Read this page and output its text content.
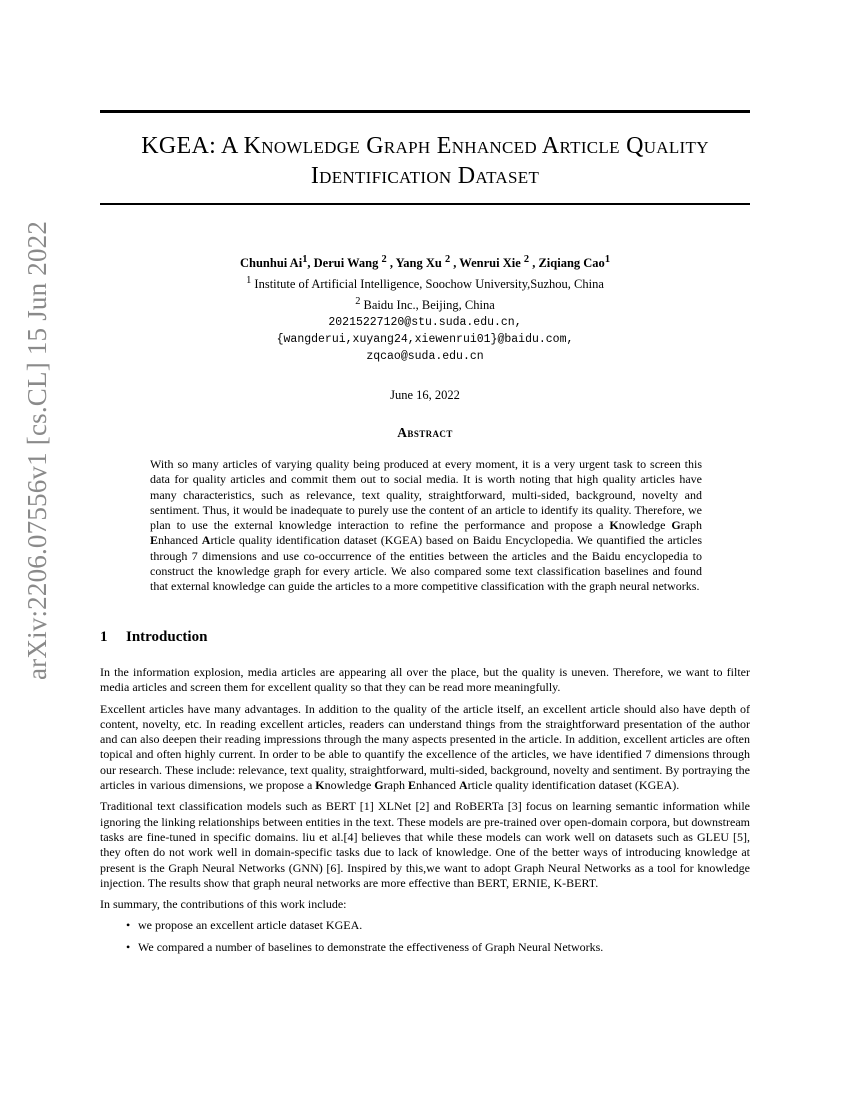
arXiv:2206.07556v1 [cs.CL] 15 Jun 2022
KGEA: A Knowledge Graph Enhanced Article Quality
Identification Dataset
Chunhui Ai$^1$, Derui Wang $^2$ , Yang Xu $^2$ , Wenrui Xie $^2$ , Ziqiang Cao$^1$
$^1$ Institute of Artificial Intelligence, Soochow University,Suzhou, China
$^2$ Baidu Inc., Beijing, China
20215227120@stu.suda.edu.cn,
{wangderui,xuyang24,xiewenrui01}@baidu.com,
zqcao@suda.edu.cn
June 16, 2022
Abstract
With so many articles of varying quality being produced at every moment, it is a very urgent task to screen this data for quality articles and commit them out to social media. It is worth noting that high quality articles have many characteristics, such as relevance, text quality, straightforward, multi-sided, background, novelty and sentiment. Thus, it would be inadequate to purely use the content of an article to identify its quality. Therefore, we plan to use the external knowledge interaction to refine the performance and propose a Knowledge Graph Enhanced Article quality identification dataset (KGEA) based on Baidu Encyclopedia. We quantified the articles through 7 dimensions and use co-occurrence of the entities between the articles and the Baidu encyclopedia to construct the knowledge graph for every article. We also compared some text classification baselines and found that external knowledge can guide the articles to a more competitive classification with the graph neural networks.
1 Introduction

In the information explosion, media articles are appearing all over the place, but the quality is uneven. Therefore, we want to filter media articles and screen them for excellent quality so that they can be read more meaningfully.

Excellent articles have many advantages. In addition to the quality of the article itself, an excellent article should also have depth of content, novelty, etc. In reading excellent articles, readers can understand things from the straightforward presentation of the author and can also deepen their reading impressions through the many aspects presented in the article. In addition, excellent articles are often topical and often highly current. In order to be able to quantify the excellence of the articles, we have identified 7 dimensions through our research. These include: relevance, text quality, straightforward, multi-sided, background, novelty and sentiment. By portraying the articles in various dimensions, we propose a Knowledge Graph Enhanced Article quality identification dataset (KGEA).

Traditional text classification models such as BERT [1] XLNet [2] and RoBERTa [3] focus on learning semantic information while ignoring the linking relationships between entities in the text. These models are pre-trained over open-domain corpora, but downstream tasks are fine-tuned in specific domains. liu et al.[4] believes that while these models can work well on datasets such as GLEU [5], they often do not work well in domain-specific tasks due to lack of knowledge. One of the better ways of introducing knowledge at present is the Graph Neural Networks (GNN) [6]. Inspired by this,we want to adopt Graph Neural Networks as a tool for knowledge injection. The results show that graph neural networks are more effective than BERT, ERNIE, K-BERT.

In summary, the contributions of this work include:

• we propose an excellent article dataset KGEA.
• We compared a number of baselines to demonstrate the effectiveness of Graph Neural Networks.
